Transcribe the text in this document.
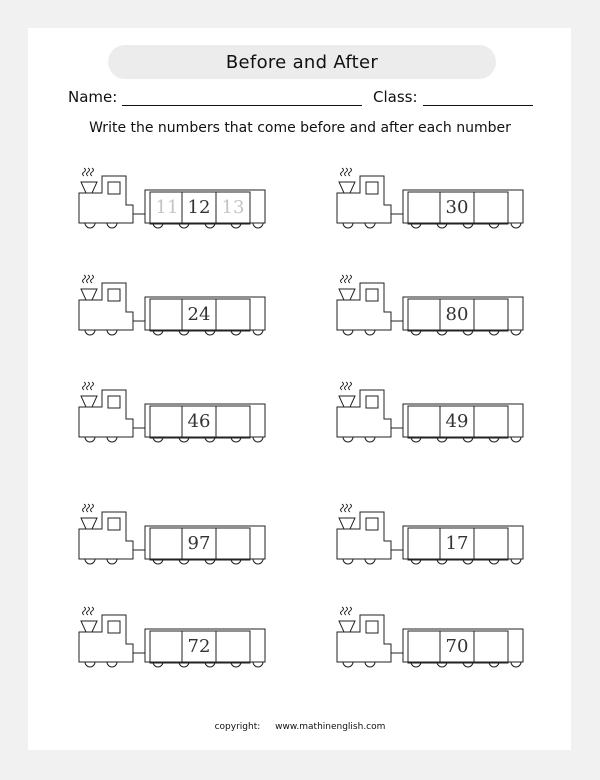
Before and After
Name:	Class:
Write the numbers that come before and after each number
11 12 13	30
24	80
46	49
97	17
72	70
copyright: www.mathinenglish.com
